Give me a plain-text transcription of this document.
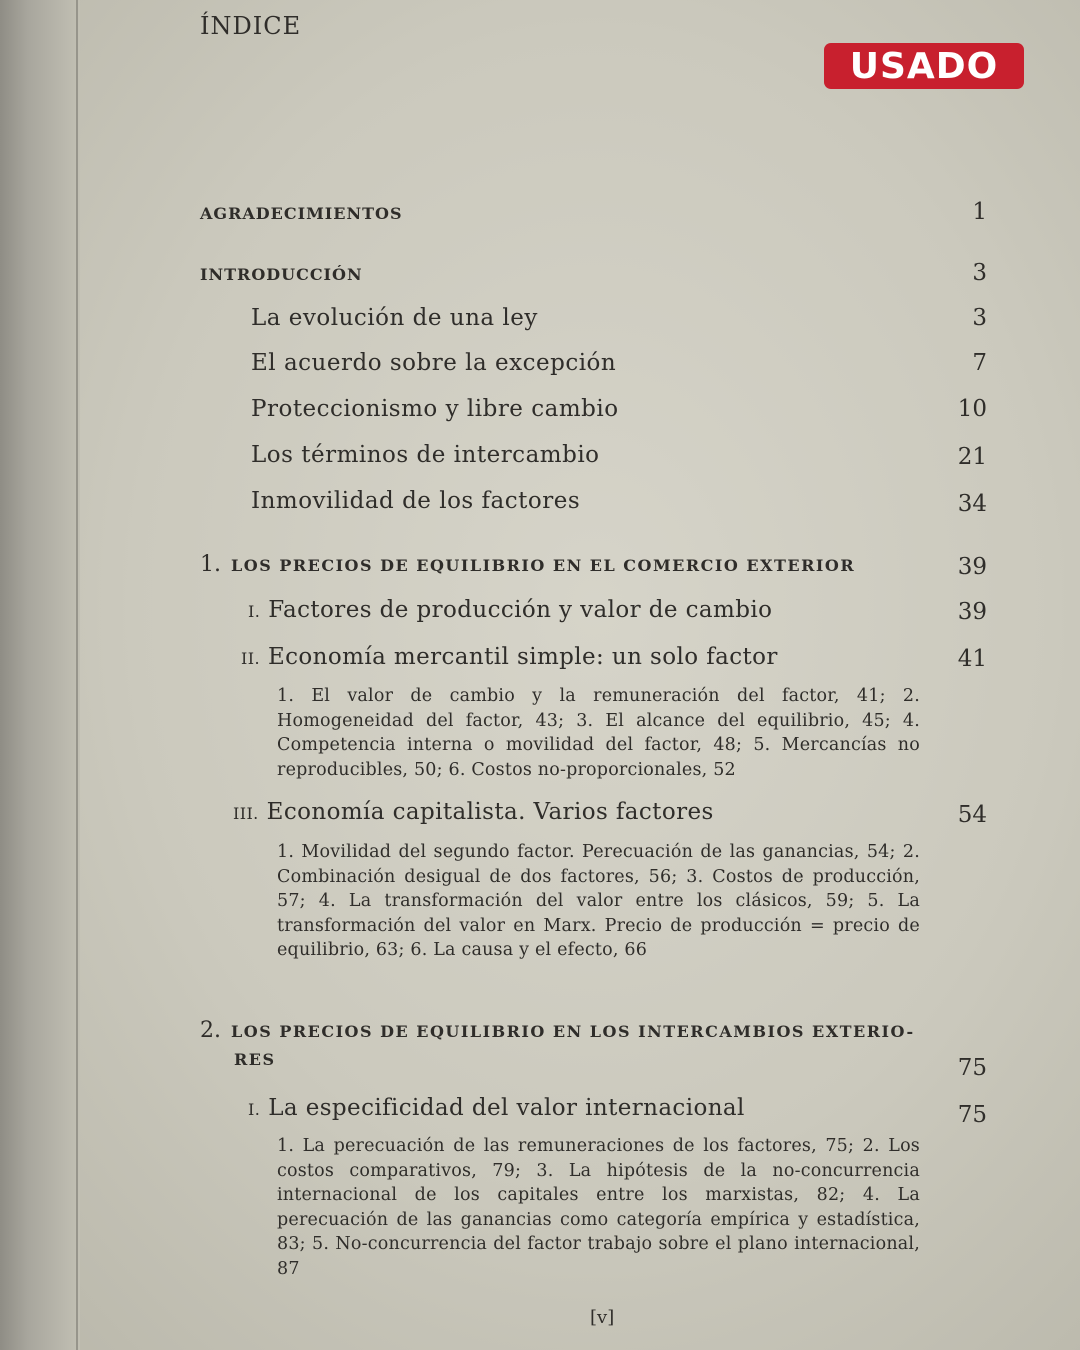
USADO
ÍNDICE
AGRADECIMIENTOS	1
INTRODUCCIÓN	3
La evolución de una ley	3
El acuerdo sobre la excepción	7
Proteccionismo y libre cambio	10
Los términos de intercambio	21
Inmovilidad de los factores	34
1. LOS PRECIOS DE EQUILIBRIO EN EL COMERCIO EXTERIOR	39
I. Factores de producción y valor de cambio	39
II. Economía mercantil simple: un solo factor	41
1. El valor de cambio y la remuneración del factor, 41; 2. Homogeneidad del factor, 43; 3. El alcance del equilibrio, 45; 4. Competencia interna o movilidad del factor, 48; 5. Mercancías no reproducibles, 50; 6. Costos no-proporcionales, 52
III. Economía capitalista. Varios factores	54
1. Movilidad del segundo factor. Perecuación de las ganancias, 54; 2. Combinación desigual de dos factores, 56; 3. Costos de producción, 57; 4. La transformación del valor entre los clásicos, 59; 5. La transformación del valor en Marx. Precio de producción = precio de equilibrio, 63; 6. La causa y el efecto, 66
2. LOS PRECIOS DE EQUILIBRIO EN LOS INTERCAMBIOS EXTERIO-
RES	75
I. La especificidad del valor internacional	75
1. La perecuación de las remuneraciones de los factores, 75; 2. Los costos comparativos, 79; 3. La hipótesis de la no-concurrencia internacional de los capitales entre los marxistas, 82; 4. La perecuación de las ganancias como categoría empírica y estadística, 83; 5. No-concurrencia del factor trabajo sobre el plano internacional, 87
[v]
